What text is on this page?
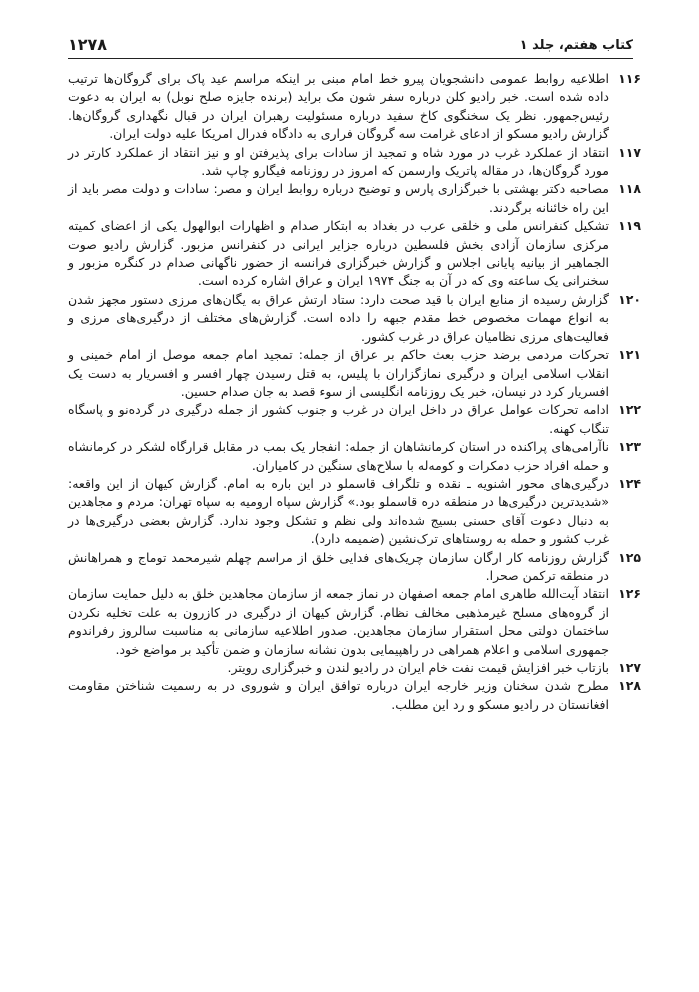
کتاب هفتم، جلد ۱
۱۲۷۸
۱۱۶
اطلاعیه روابط عمومی دانشجویان پیرو خط امام مبنی بر اینکه مراسم عید پاک برای گروگان‌ها ترتیب داده شده است. خبر رادیو کلن درباره سفر شون مک براید (برنده جایزه صلح نوبل) به ایران به دعوت رئیس‌جمهور. نظر یک سخنگوی کاخ سفید درباره مسئولیت رهبران ایران در قبال نگهداری گروگان‌ها. گزارش رادیو مسکو از ادعای غرامت سه گروگان فراری به دادگاه فدرال امریکا علیه دولت ایران.
۱۱۷
انتقاد از عملکرد غرب در مورد شاه و تمجید از سادات برای پذیرفتن او و نیز انتقاد از عملکرد کارتر در مورد گروگان‌ها، در مقاله پاتریک وارسمن که امروز در روزنامه فیگارو چاپ شد.
۱۱۸
مصاحبه دکتر بهشتی با خبرگزاری پارس و توضیح درباره روابط ایران و مصر: سادات و دولت مصر باید از این راه خائنانه برگردند.
۱۱۹
تشکیل کنفرانس ملی و خلقی عرب در بغداد به ابتکار صدام و اظهارات ابوالهول یکی از اعضای کمیته مرکزی سازمان آزادی بخش فلسطین درباره جزایر ایرانی در کنفرانس مزبور. گزارش رادیو صوت الجماهیر از بیانیه پایانی اجلاس و گزارش خبرگزاری فرانسه از حضور ناگهانی صدام در کنگره مزبور و سخنرانی یک ساعته وی که در آن به جنگ ۱۹۷۴ ایران و عراق اشاره کرده است.
۱۲۰
گزارش رسیده از منابع ایران با قید صحت دارد: ستاد ارتش عراق به یگان‌های مرزی دستور مجهز شدن به انواع مهمات مخصوص خط مقدم جبهه را داده است. گزارش‌های مختلف از درگیری‌های مرزی و فعالیت‌های مرزی نظامیان عراق در غرب کشور.
۱۲۱
تحرکات مردمی برضد حزب بعث حاکم بر عراق از جمله: تمجید امام جمعه موصل از امام خمینی و انقلاب اسلامی ایران و درگیری نمازگزاران با پلیس، به قتل رسیدن چهار افسر و افسریار به دست یک افسریار کرد در نیسان، خبر یک روزنامه انگلیسی از سوء قصد به جان صدام حسین.
۱۲۲
ادامه تحرکات عوامل عراق در داخل ایران در غرب و جنوب کشور از جمله درگیری در گردەنو و پاسگاه تنگاب کهنه.
۱۲۳
ناآرامی‌های پراکنده در استان کرمانشاهان از جمله: انفجار یک بمب در مقابل قرارگاه لشکر در کرمانشاه و حمله افراد حزب دمکرات و کومەله با سلاح‌های سنگین در کامیاران.
۱۲۴
درگیری‌های محور اشنویه ـ نقده و تلگراف قاسملو در این باره به امام. گزارش کیهان از این واقعه: «شدیدترین درگیری‌ها در منطقه دره قاسملو بود.» گزارش سپاه ارومیه به سپاه تهران: مردم و مجاهدین به دنبال دعوت آقای حسنی بسیج شده‌اند ولی نظم و تشکل وجود ندارد. گزارش بعضی درگیری‌ها در غرب کشور و حمله به روستاهای ترک‌نشین (ضمیمه دارد).
۱۲۵
گزارش روزنامه کار ارگان سازمان چریک‌های فدایی خلق از مراسم چهلم شیرمحمد توماج و همراهانش در منطقه ترکمن صحرا.
۱۲۶
انتقاد آیت‌الله طاهری امام جمعه اصفهان در نماز جمعه از سازمان مجاهدین خلق به دلیل حمایت سازمان از گروه‌های مسلح غیرمذهبی مخالف نظام. گزارش کیهان از درگیری در کازرون به علت تخلیه نکردن ساختمان دولتی محل استقرار سازمان مجاهدین. صدور اطلاعیه سازمانی به مناسبت سالروز رفراندوم جمهوری اسلامی و اعلام همراهی در راهپیمایی بدون نشانه سازمان و ضمن تأکید بر مواضع خود.
۱۲۷
بازتاب خبر افزایش قیمت نفت خام ایران در رادیو لندن و خبرگزاری رویتر.
۱۲۸
مطرح شدن سخنان وزیر خارجه ایران درباره توافق ایران و شوروی در به رسمیت شناختن مقاومت افغانستان در رادیو مسکو و رد این مطلب.
